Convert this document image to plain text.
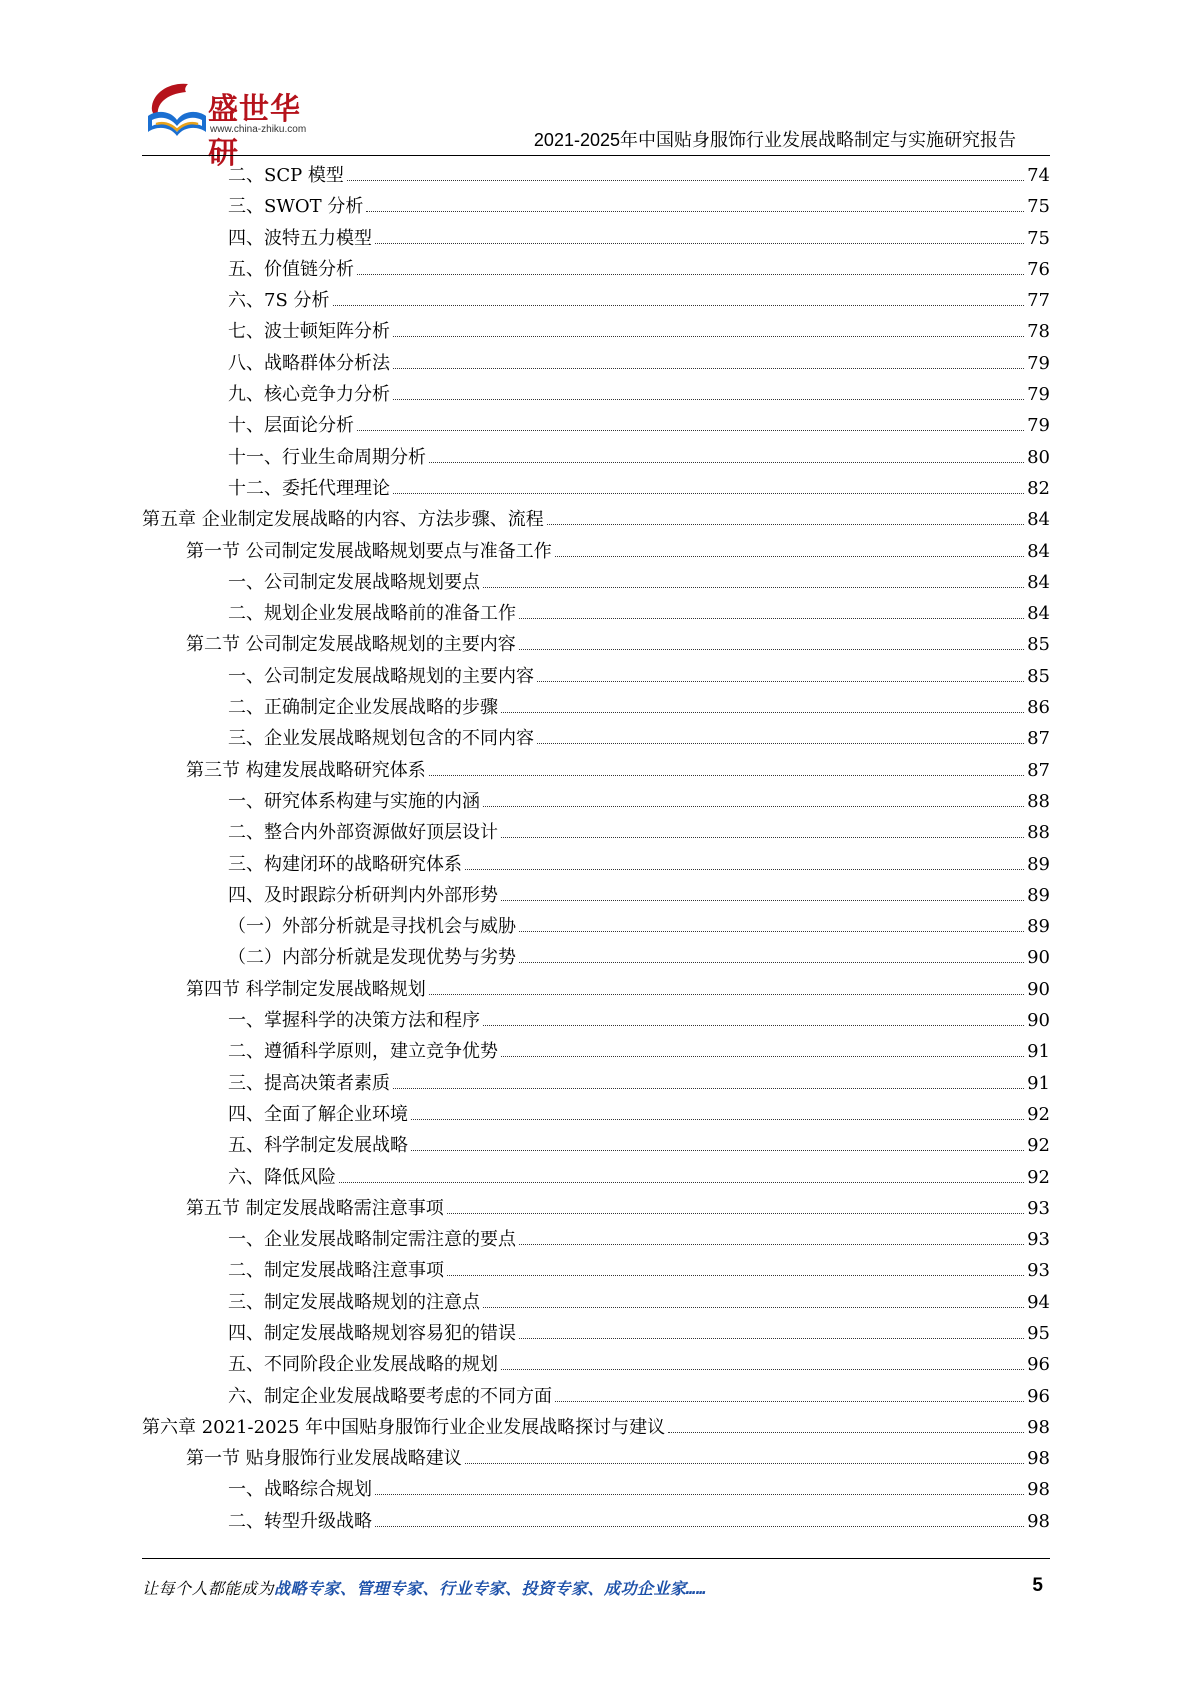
盛世华研
www.china-zhiku.com
2021-2025年中国贴身服饰行业发展战略制定与实施研究报告
二、SCP 模型	74
三、SWOT 分析	75
四、波特五力模型	75
五、价值链分析	76
六、7S 分析	77
七、波士顿矩阵分析	78
八、战略群体分析法	79
九、核心竞争力分析	79
十、层面论分析	79
十一、行业生命周期分析	80
十二、委托代理理论	82
第五章 企业制定发展战略的内容、方法步骤、流程	84
第一节 公司制定发展战略规划要点与准备工作	84
一、公司制定发展战略规划要点	84
二、规划企业发展战略前的准备工作	84
第二节 公司制定发展战略规划的主要内容	85
一、公司制定发展战略规划的主要内容	85
二、正确制定企业发展战略的步骤	86
三、企业发展战略规划包含的不同内容	87
第三节 构建发展战略研究体系	87
一、研究体系构建与实施的内涵	88
二、整合内外部资源做好顶层设计	88
三、构建闭环的战略研究体系	89
四、及时跟踪分析研判内外部形势	89
（一）外部分析就是寻找机会与威胁	89
（二）内部分析就是发现优势与劣势	90
第四节 科学制定发展战略规划	90
一、掌握科学的决策方法和程序	90
二、遵循科学原则，建立竞争优势	91
三、提高决策者素质	91
四、全面了解企业环境	92
五、科学制定发展战略	92
六、降低风险	92
第五节 制定发展战略需注意事项	93
一、企业发展战略制定需注意的要点	93
二、制定发展战略注意事项	93
三、制定发展战略规划的注意点	94
四、制定发展战略规划容易犯的错误	95
五、不同阶段企业发展战略的规划	96
六、制定企业发展战略要考虑的不同方面	96
第六章 2021-2025 年中国贴身服饰行业企业发展战略探讨与建议	98
第一节 贴身服饰行业发展战略建议	98
一、战略综合规划	98
二、转型升级战略	98
让每个人都能成为战略专家、管理专家、行业专家、投资专家、成功企业家……	5
